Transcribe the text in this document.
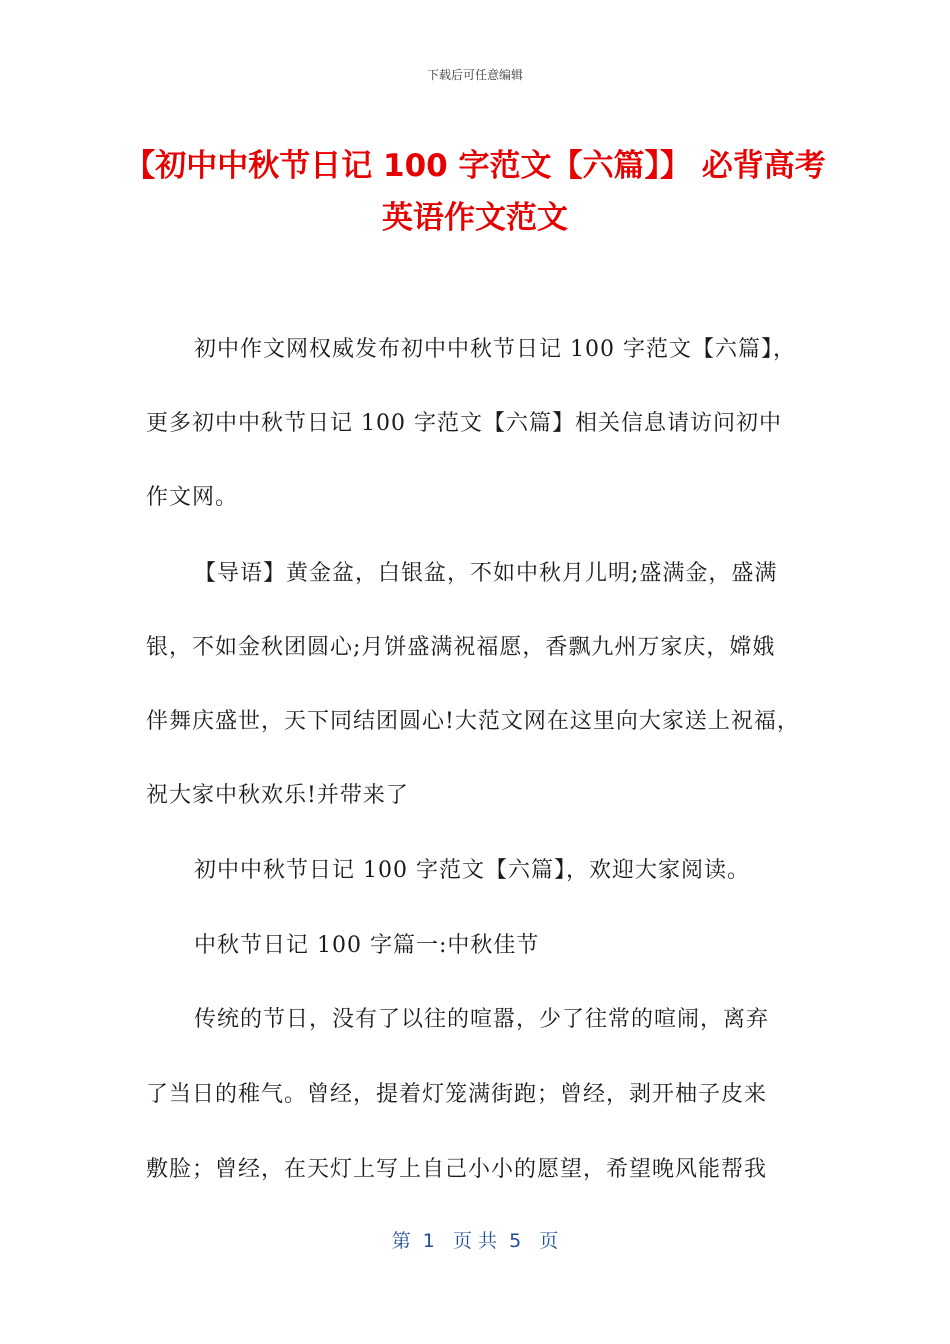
下载后可任意编辑
【初中中秋节日记 100 字范文【六篇】】 必背高考英语作文范文
初中作文网权威发布初中中秋节日记 100 字范文【六篇】，
更多初中中秋节日记 100 字范文【六篇】相关信息请访问初中
作文网。
【导语】黄金盆，白银盆，不如中秋月儿明;盛满金，盛满
银，不如金秋团圆心;月饼盛满祝福愿，香飘九州万家庆，嫦娥
伴舞庆盛世，天下同结团圆心!大范文网在这里向大家送上祝福，
祝大家中秋欢乐!并带来了
初中中秋节日记 100 字范文【六篇】，欢迎大家阅读。
中秋节日记 100 字篇一:中秋佳节
传统的节日，没有了以往的喧嚣，少了往常的喧闹，离弃
了当日的稚气。曾经，提着灯笼满街跑；曾经，剥开柚子皮来
敷脸；曾经，在天灯上写上自己小小的愿望，希望晚风能帮我
第  1   页 共  5   页
